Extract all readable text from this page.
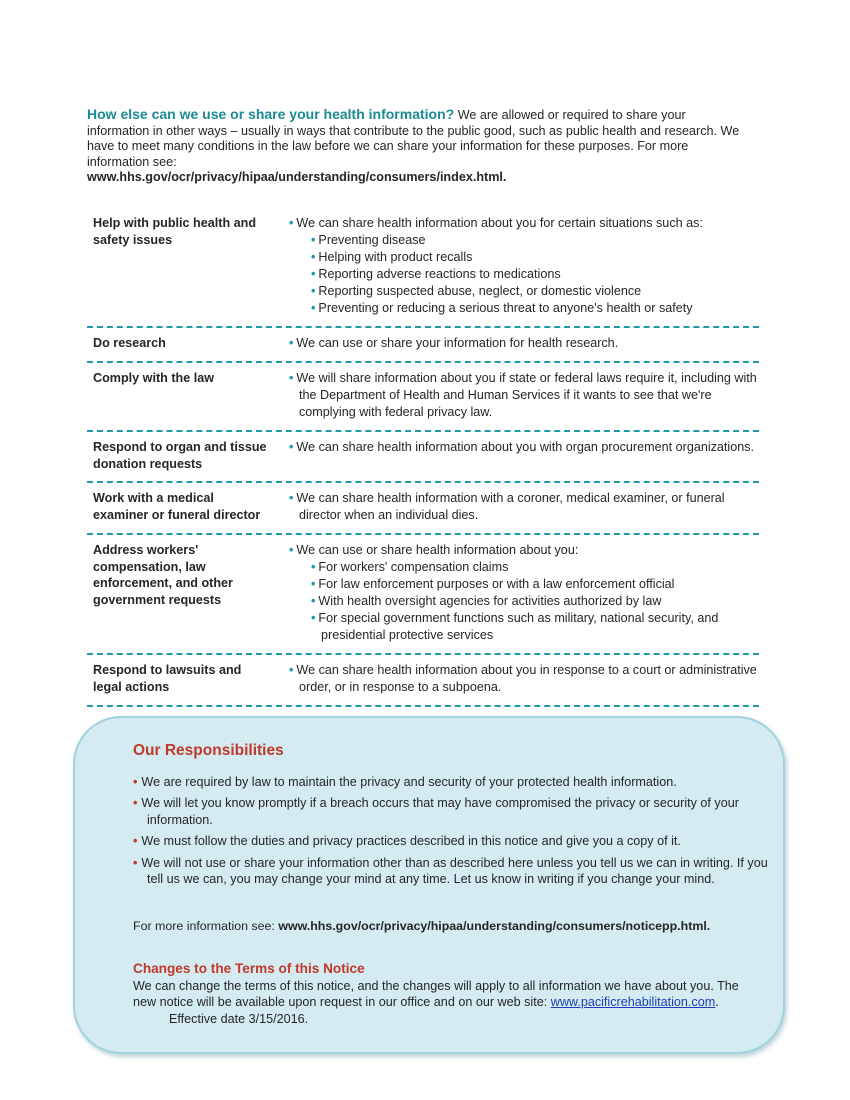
How else can we use or share your health information? We are allowed or required to share your information in other ways – usually in ways that contribute to the public good, such as public health and research. We have to meet many conditions in the law before we can share your information for these purposes. For more information see:
www.hhs.gov/ocr/privacy/hipaa/understanding/consumers/index.html.
Help with public health and safety issues
• We can share health information about you for certain situations such as:
• Preventing disease
• Helping with product recalls
• Reporting adverse reactions to medications
• Reporting suspected abuse, neglect, or domestic violence
• Preventing or reducing a serious threat to anyone's health or safety
Do research	• We can use or share your information for health research.
Comply with the law	• We will share information about you if state or federal laws require it, including with the Department of Health and Human Services if it wants to see that we're complying with federal privacy law.
Respond to organ and tissue donation requests
• We can share health information about you with organ procurement organizations.
Work with a medical examiner or funeral director
• We can share health information with a coroner, medical examiner, or funeral director when an individual dies.
Address workers' compensation, law enforcement, and other government requests
• We can use or share health information about you:
• For workers' compensation claims
• For law enforcement purposes or with a law enforcement official
• With health oversight agencies for activities authorized by law
• For special government functions such as military, national security, and presidential protective services
Respond to lawsuits and legal actions
• We can share health information about you in response to a court or administrative order, or in response to a subpoena.
Our Responsibilities
• We are required by law to maintain the privacy and security of your protected health information.
• We will let you know promptly if a breach occurs that may have compromised the privacy or security of your information.
• We must follow the duties and privacy practices described in this notice and give you a copy of it.
• We will not use or share your information other than as described here unless you tell us we can in writing. If you tell us we can, you may change your mind at any time. Let us know in writing if you change your mind.
For more information see: www.hhs.gov/ocr/privacy/hipaa/understanding/consumers/noticepp.html.
Changes to the Terms of this Notice
We can change the terms of this notice, and the changes will apply to all information we have about you. The new notice will be available upon request in our office and on our web site: www.pacificrehabilitation.com.Effective date 3/15/2016.
